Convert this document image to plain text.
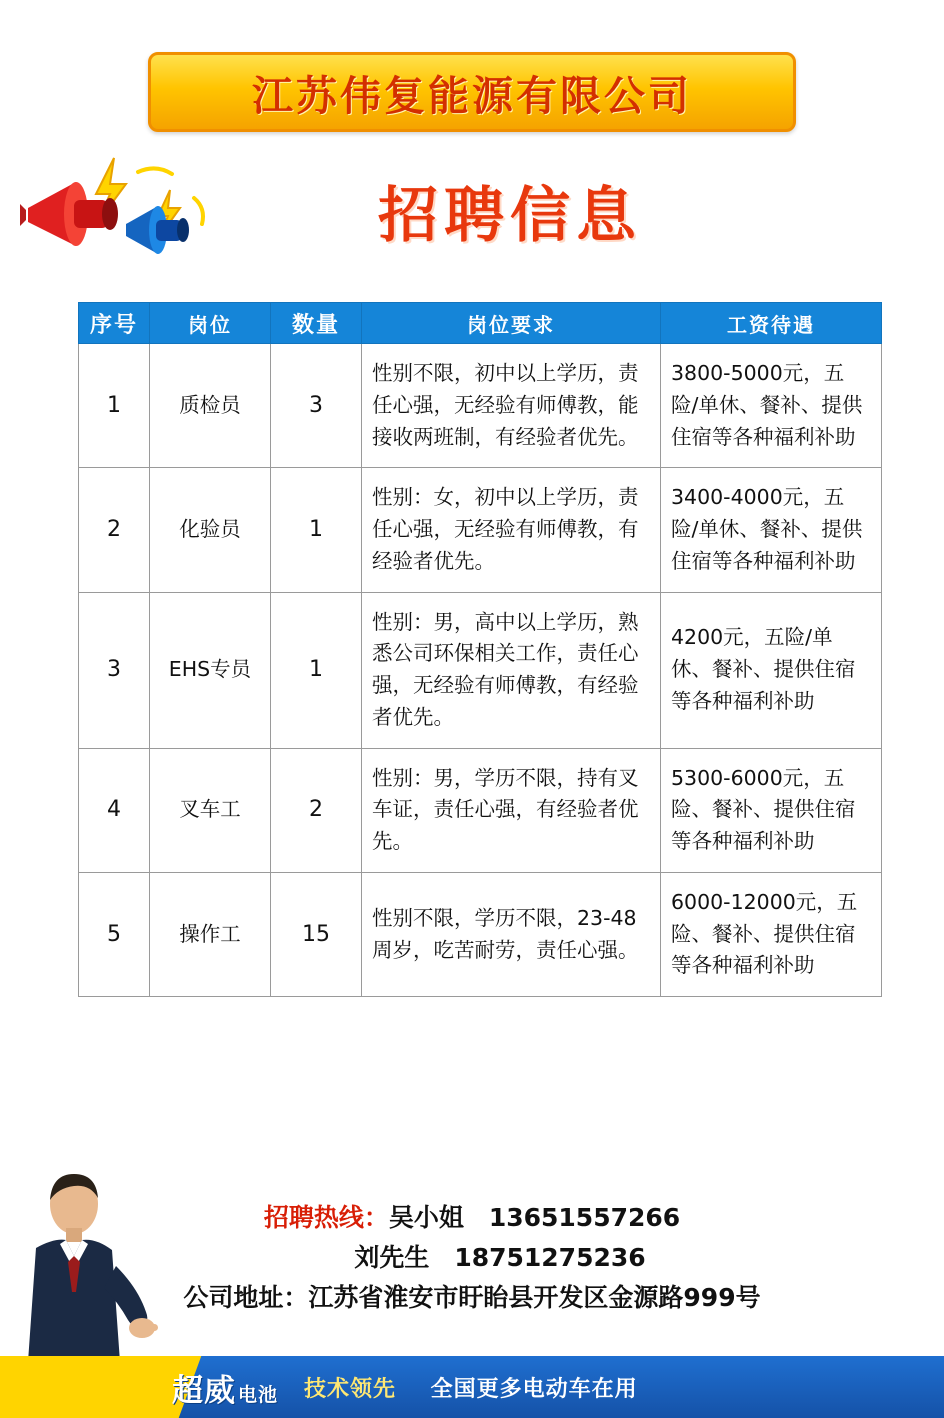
江苏伟复能源有限公司
招聘信息
序号	岗位	数量	岗位要求	工资待遇
1	质检员	3	性别不限，初中以上学历，责任心强，无经验有师傅教，能接收两班制，有经验者优先。	3800-5000元，五险/单休、餐补、提供住宿等各种福利补助
2	化验员	1	性别：女，初中以上学历，责任心强，无经验有师傅教，有经验者优先。	3400-4000元，五险/单休、餐补、提供住宿等各种福利补助
3	EHS专员	1	性别：男，高中以上学历，熟悉公司环保相关工作，责任心强，无经验有师傅教，有经验者优先。	4200元，五险/单休、餐补、提供住宿等各种福利补助
4	叉车工	2	性别：男，学历不限，持有叉车证，责任心强，有经验者优先。	5300-6000元，五险、餐补、提供住宿等各种福利补助
5	操作工	15	性别不限，学历不限，23-48周岁，吃苦耐劳，责任心强。	6000-12000元，五险、餐补、提供住宿等各种福利补助
招聘热线：吴小姐　13651557266
刘先生　18751275236
公司地址：江苏省淮安市盱眙县开发区金源路999号
超威 电池 技术领先 全国更多电动车在用
